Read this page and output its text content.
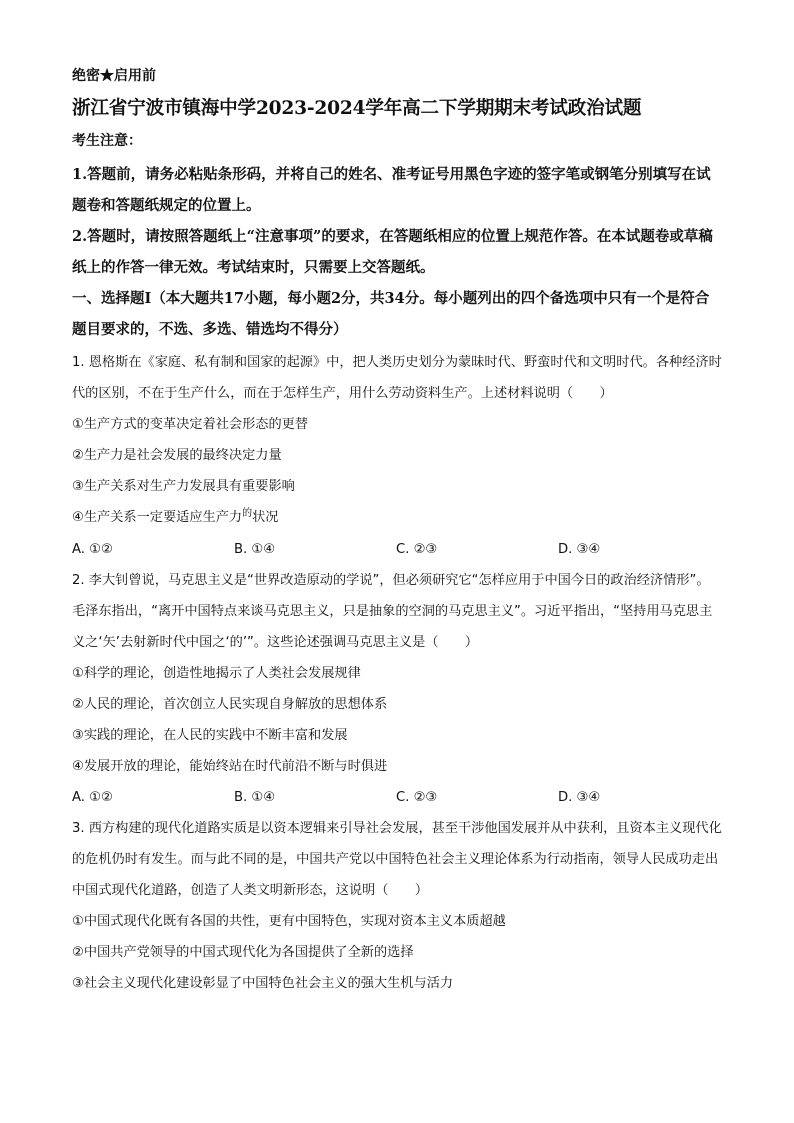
绝密★启用前

浙江省宁波市镇海中学2023-2024学年高二下学期期末考试政治试题

考生注意：

1.答题前，请务必粘贴条形码，并将自己的姓名、准考证号用黑色字迹的签字笔或钢笔分别填写在试题卷和答题纸规定的位置上。

2.答题时，请按照答题纸上“注意事项”的要求，在答题纸相应的位置上规范作答。在本试题卷或草稿纸上的作答一律无效。考试结束时，只需要上交答题纸。

一、选择题Ⅰ（本大题共17小题，每小题2分，共34分。每小题列出的四个备选项中只有一个是符合题目要求的，不选、多选、错选均不得分）

1. 恩格斯在《家庭、私有制和国家的起源》中，把人类历史划分为蒙昧时代、野蛮时代和文明时代。各种经济时代的区别，不在于生产什么，而在于怎样生产，用什么劳动资料生产。上述材料说明（　　）

①生产方式的变革决定着社会形态的更替

②生产力是社会发展的最终决定力量

③生产关系对生产力发展具有重要影响

④生产关系一定要适应生产力$^的$状况

A. ①②	B. ①④	C. ②③	D. ③④

2. 李大钊曾说，马克思主义是“世界改造原动的学说”，但必须研究它“怎样应用于中国今日的政治经济情形”。毛泽东指出，“离开中国特点来谈马克思主义，只是抽象的空洞的马克思主义”。习近平指出，“坚持用马克思主义之‘矢’去射新时代中国之‘的’”。这些论述强调马克思主义是（　　）

①科学的理论，创造性地揭示了人类社会发展规律

②人民的理论，首次创立人民实现自身解放的思想体系

③实践的理论，在人民的实践中不断丰富和发展

④发展开放的理论，能始终站在时代前沿不断与时俱进

A. ①②	B. ①④	C. ②③	D. ③④

3. 西方构建的现代化道路实质是以资本逻辑来引导社会发展，甚至干涉他国发展并从中获利，且资本主义现代化的危机仍时有发生。而与此不同的是，中国共产党以中国特色社会主义理论体系为行动指南，领导人民成功走出中国式现代化道路，创造了人类文明新形态，这说明（　　）

①中国式现代化既有各国的共性，更有中国特色，实现对资本主义本质超越

②中国共产党领导的中国式现代化为各国提供了全新的选择

③社会主义现代化建设彰显了中国特色社会主义的强大生机与活力
